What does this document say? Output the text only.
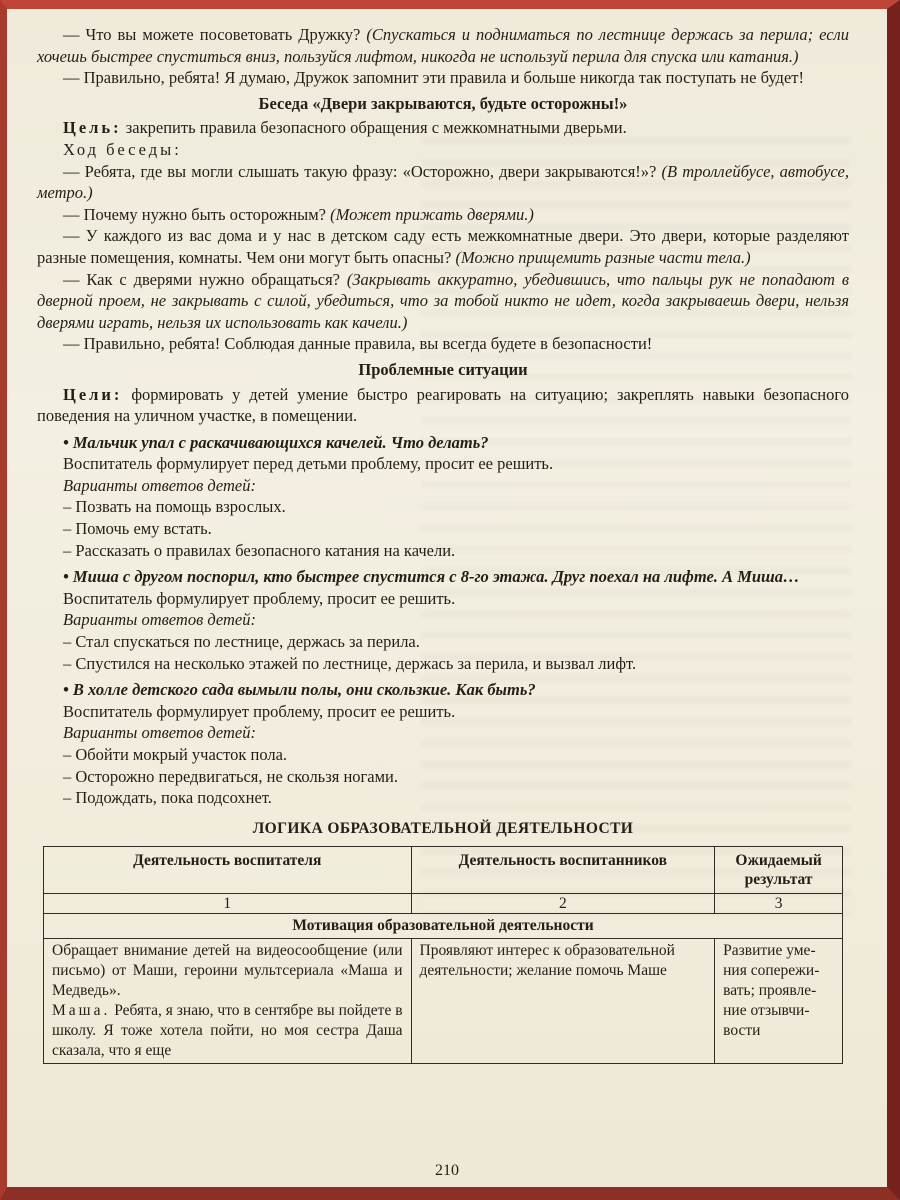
— Что вы можете посоветовать Дружку? (Спускаться и подниматься по лестнице держась за перила; если хочешь быстрее спуститься вниз, пользуйся лифтом, никогда не используй перила для спуска или катания.)

— Правильно, ребята! Я думаю, Дружок запомнит эти правила и больше никогда так поступать не будет!

Беседа «Двери закрываются, будьте осторожны!»

Цель: закрепить правила безопасного обращения с межкомнатными дверьми.

Ход беседы:

— Ребята, где вы могли слышать такую фразу: «Осторожно, двери закрываются!»? (В троллейбусе, автобусе, метро.)

— Почему нужно быть осторожным? (Может прижать дверями.)

— У каждого из вас дома и у нас в детском саду есть межкомнатные двери. Это двери, которые разделяют разные помещения, комнаты. Чем они могут быть опасны? (Можно прищемить разные части тела.)

— Как с дверями нужно обращаться? (Закрывать аккуратно, убедившись, что пальцы рук не попадают в дверной проем, не закрывать с силой, убедиться, что за тобой никто не идет, когда закрываешь двери, нельзя дверями играть, нельзя их использовать как качели.)

— Правильно, ребята! Соблюдая данные правила, вы всегда будете в безопасности!

Проблемные ситуации

Цели: формировать у детей умение быстро реагировать на ситуацию; закреплять навыки безопасного поведения на уличном участке, в помещении.

• Мальчик упал с раскачивающихся качелей. Что делать?

Воспитатель формулирует перед детьми проблему, просит ее решить.

Варианты ответов детей:

– Позвать на помощь взрослых.

– Помочь ему встать.

– Рассказать о правилах безопасного катания на качели.

• Миша с другом поспорил, кто быстрее спустится с 8-го этажа. Друг поехал на лифте. А Миша…

Воспитатель формулирует проблему, просит ее решить.

Варианты ответов детей:

– Стал спускаться по лестнице, держась за перила.

– Спустился на несколько этажей по лестнице, держась за перила, и вызвал лифт.

• В холле детского сада вымыли полы, они скользкие. Как быть?

Воспитатель формулирует проблему, просит ее решить.

Варианты ответов детей:

– Обойти мокрый участок пола.

– Осторожно передвигаться, не скользя ногами.

– Подождать, пока подсохнет.

ЛОГИКА ОБРАЗОВАТЕЛЬНОЙ ДЕЯТЕЛЬНОСТИ
Деятельность воспитателя	Деятельность воспитанников	Ожидаемый результат
1	2	3
Мотивация образовательной деятельности		

Обращает внимание детей на видеосообщение (или письмо) от Маши, героини мультсериала «Маша и Медведь».

Маша. Ребята, я знаю, что в сентябре вы пойдете в школу. Я тоже хотела пойти, но моя сестра Даша сказала, что я еще	Проявляют интерес к образовательной деятельности; желание помочь Маше	Развитие умения сопереживать; проявление отзывчивости
210
